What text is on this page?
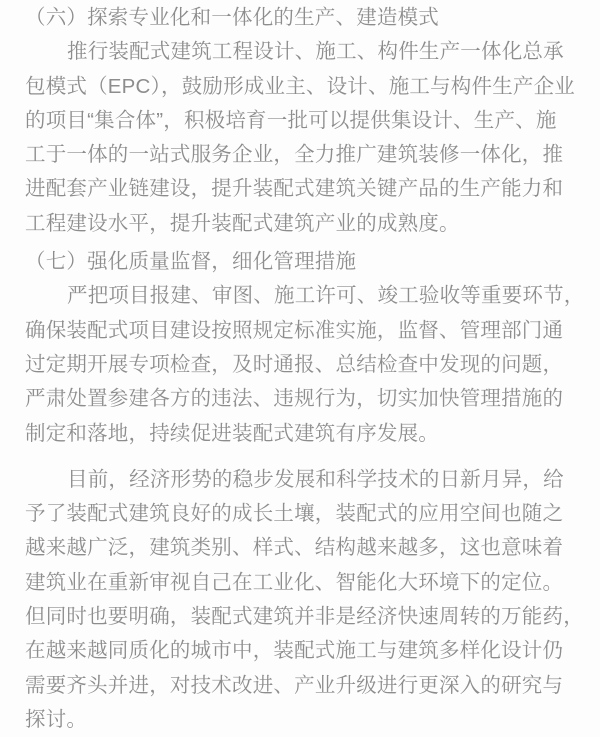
（六）探索专业化和一体化的生产、建造模式
推行装配式建筑工程设计、施工、构件生产一体化总承
包模式（EPC），鼓励形成业主、设计、施工与构件生产企业
的项目“集合体”，积极培育一批可以提供集设计、生产、施
工于一体的一站式服务企业，全力推广建筑装修一体化，推
进配套产业链建设，提升装配式建筑关键产品的生产能力和
工程建设水平，提升装配式建筑产业的成熟度。
（七）强化质量监督，细化管理措施
严把项目报建、审图、施工许可、竣工验收等重要环节，
确保装配式项目建设按照规定标准实施，监督、管理部门通
过定期开展专项检查，及时通报、总结检查中发现的问题，
严肃处置参建各方的违法、违规行为，切实加快管理措施的
制定和落地，持续促进装配式建筑有序发展。
目前，经济形势的稳步发展和科学技术的日新月异，给
予了装配式建筑良好的成长土壤，装配式的应用空间也随之
越来越广泛，建筑类别、样式、结构越来越多，这也意味着
建筑业在重新审视自己在工业化、智能化大环境下的定位。
但同时也要明确，装配式建筑并非是经济快速周转的万能药，
在越来越同质化的城市中，装配式施工与建筑多样化设计仍
需要齐头并进，对技术改进、产业升级进行更深入的研究与
探讨。
